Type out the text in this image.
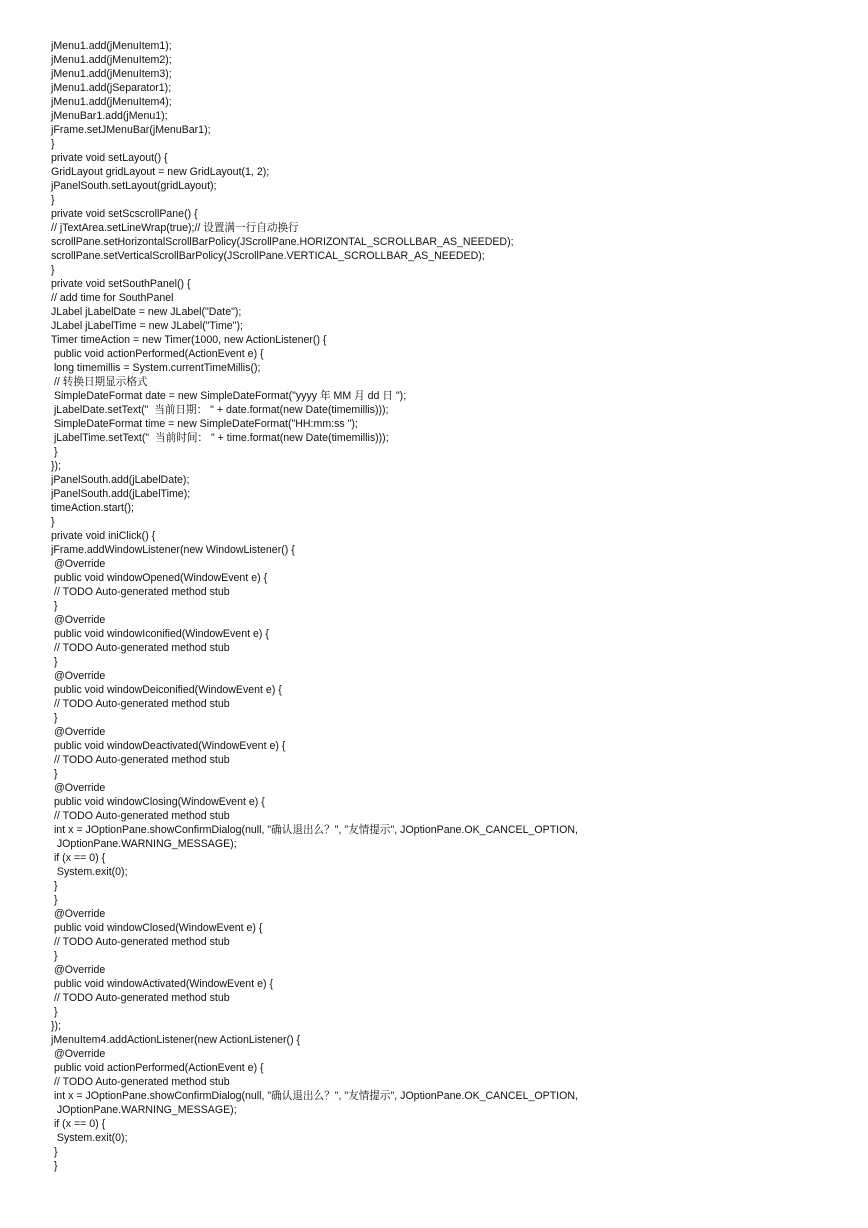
jMenu1.add(jMenuItem1);
jMenu1.add(jMenuItem2);
jMenu1.add(jMenuItem3);
jMenu1.add(jSeparator1);
jMenu1.add(jMenuItem4);
jMenuBar1.add(jMenu1);
jFrame.setJMenuBar(jMenuBar1);
}
private void setLayout() {
GridLayout gridLayout = new GridLayout(1, 2);
jPanelSouth.setLayout(gridLayout);
}
private void setScscrollPane() {
// jTextArea.setLineWrap(true);// 设置满一行自动换行
scrollPane.setHorizontalScrollBarPolicy(JScrollPane.HORIZONTAL_SCROLLBAR_AS_NEEDED);
scrollPane.setVerticalScrollBarPolicy(JScrollPane.VERTICAL_SCROLLBAR_AS_NEEDED);
}
private void setSouthPanel() {
// add time for SouthPanel
JLabel jLabelDate = new JLabel("Date");
JLabel jLabelTime = new JLabel("Time");
Timer timeAction = new Timer(1000, new ActionListener() {
public void actionPerformed(ActionEvent e) {
long timemillis = System.currentTimeMillis();
// 转换日期显示格式
SimpleDateFormat date = new SimpleDateFormat("yyyy 年 MM 月 dd 日 ");
jLabelDate.setText("  当前日期： " + date.format(new Date(timemillis)));
SimpleDateFormat time = new SimpleDateFormat("HH:mm:ss ");
jLabelTime.setText("  当前时间： " + time.format(new Date(timemillis)));
}
});
jPanelSouth.add(jLabelDate);
jPanelSouth.add(jLabelTime);
timeAction.start();
}
private void iniClick() {
jFrame.addWindowListener(new WindowListener() {
@Override
public void windowOpened(WindowEvent e) {
// TODO Auto-generated method stub
}
@Override
public void windowIconified(WindowEvent e) {
// TODO Auto-generated method stub
}
@Override
public void windowDeiconified(WindowEvent e) {
// TODO Auto-generated method stub
}
@Override
public void windowDeactivated(WindowEvent e) {
// TODO Auto-generated method stub
}
@Override
public void windowClosing(WindowEvent e) {
// TODO Auto-generated method stub
int x = JOptionPane.showConfirmDialog(null, "确认退出么？", "友情提示", JOptionPane.OK_CANCEL_OPTION,
JOptionPane.WARNING_MESSAGE);
if (x == 0) {
System.exit(0);
}
}
@Override
public void windowClosed(WindowEvent e) {
// TODO Auto-generated method stub
}
@Override
public void windowActivated(WindowEvent e) {
// TODO Auto-generated method stub
}
});
jMenuItem4.addActionListener(new ActionListener() {
@Override
public void actionPerformed(ActionEvent e) {
// TODO Auto-generated method stub
int x = JOptionPane.showConfirmDialog(null, "确认退出么？", "友情提示", JOptionPane.OK_CANCEL_OPTION,
JOptionPane.WARNING_MESSAGE);
if (x == 0) {
System.exit(0);
}
}
